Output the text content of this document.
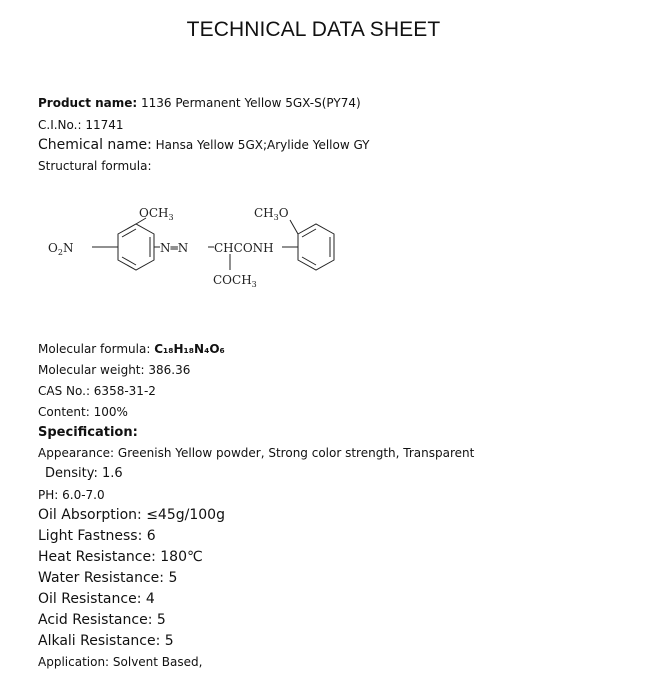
TECHNICAL DATA SHEET
Product name: 1136 Permanent Yellow 5GX-S(PY74)
C.I.No.: 11741
Chemical name: Hansa Yellow 5GX;Arylide Yellow GY
Structural formula:
$OCH_3$	$CH_3O$
$O_2N$	N═N CHCONH
$COCH_3$
Molecular formula: C₁₈H₁₈N₄O₆
Molecular weight: 386.36
CAS No.: 6358-31-2
Content: 100%
Specification:
Appearance: Greenish Yellow powder, Strong color strength, Transparent
Density: 1.6
PH: 6.0-7.0
Oil Absorption: ≤45g/100g
Light Fastness: 6
Heat Resistance: 180℃
Water Resistance: 5
Oil Resistance: 4
Acid Resistance: 5
Alkali Resistance: 5
Application: Solvent Based,
